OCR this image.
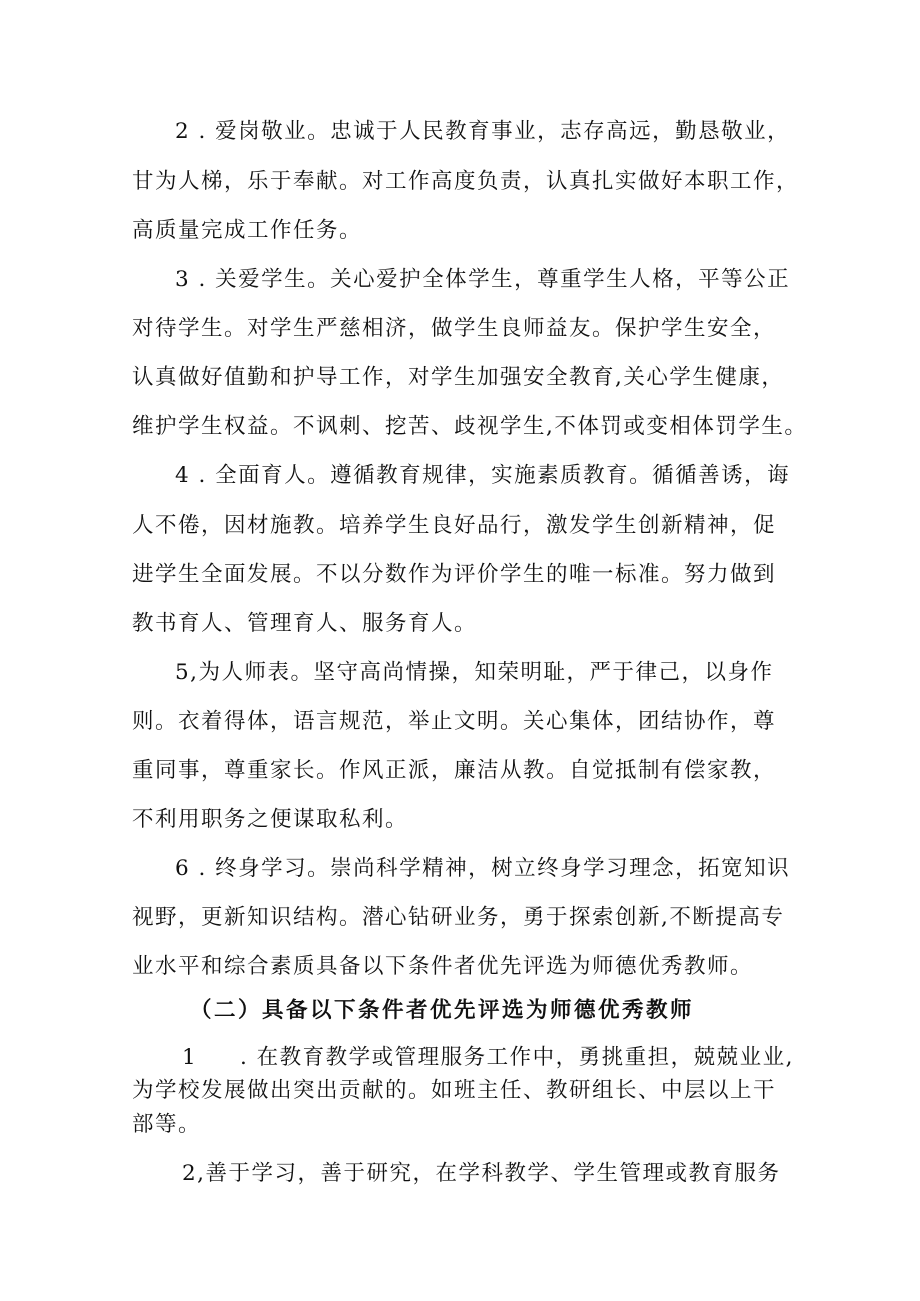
2 . 爱岗敬业。忠诚于人民教育事业，志存高远，勤恳敬业，
甘为人梯，乐于奉献。对工作高度负责，认真扎实做好本职工作，
高质量完成工作任务。
3 . 关爱学生。关心爱护全体学生，尊重学生人格，平等公正
对待学生。对学生严慈相济，做学生良师益友。保护学生安全，
认真做好值勤和护导工作，对学生加强安全教育,关心学生健康，
维护学生权益。不讽刺、挖苦、歧视学生,不体罚或变相体罚学生。
4 . 全面育人。遵循教育规律，实施素质教育。循循善诱，诲
人不倦，因材施教。培养学生良好品行，激发学生创新精神，促
进学生全面发展。不以分数作为评价学生的唯一标准。努力做到
教书育人、管理育人、服务育人。
5,为人师表。坚守高尚情操，知荣明耻，严于律己，以身作
则。衣着得体，语言规范，举止文明。关心集体，团结协作，尊
重同事，尊重家长。作风正派，廉洁从教。自觉抵制有偿家教，
不利用职务之便谋取私利。
6 . 终身学习。崇尚科学精神，树立终身学习理念，拓宽知识
视野，更新知识结构。潜心钻研业务，勇于探索创新,不断提高专
业水平和综合素质具备以下条件者优先评选为师德优秀教师。
（二）具备以下条件者优先评选为师德优秀教师
1 . 在教育教学或管理服务工作中，勇挑重担，兢兢业业,
为学校发展做出突出贡献的。如班主任、教研组长、中层以上干
部等。
2,善于学习，善于研究，在学科教学、学生管理或教育服务
